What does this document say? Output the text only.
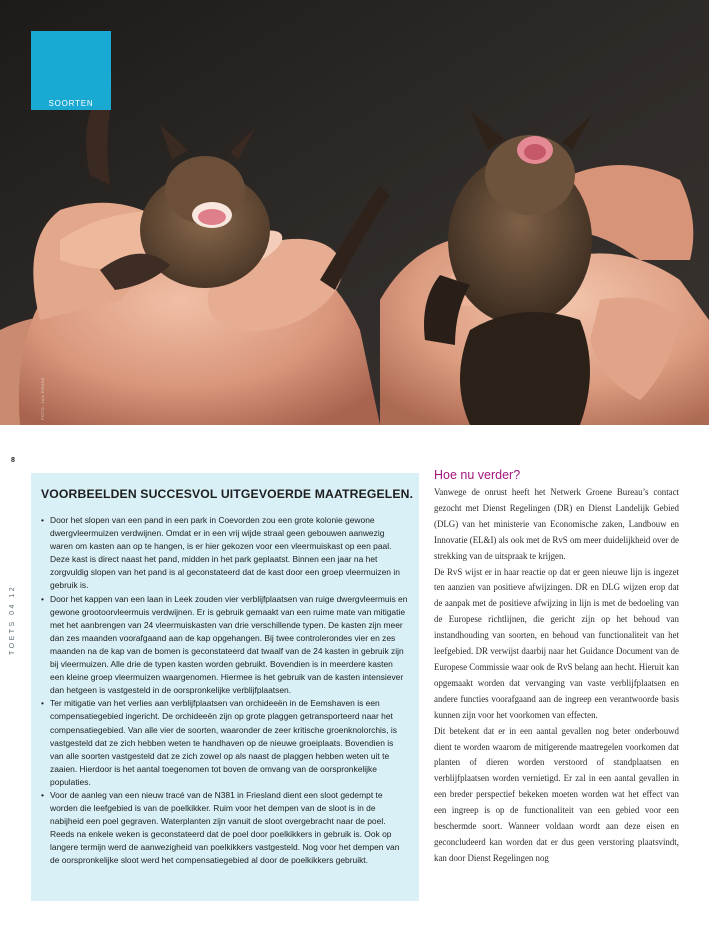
SOORTEN
FOTO: JAN DRAKE
8
TOETS 04 12
VOORBEELDEN SUCCESVOL UITGEVOERDE MAATREGELEN.
• Door het slopen van een pand in een park in Coevorden zou een grote kolonie gewone dwergvleermuizen verdwijnen. Omdat er in een vrij wijde straal geen gebouwen aanwezig waren om kasten aan op te hangen, is er hier gekozen voor een vleermuiskast op een paal. Deze kast is direct naast het pand, midden in het park geplaatst. Binnen een jaar na het zorgvuldig slopen van het pand is al geconstateerd dat de kast door een groep vleermuizen in gebruik is.
• Door het kappen van een laan in Leek zouden vier verblijfplaatsen van ruige dwergvleermuis en gewone grootoorvleermuis verdwijnen. Er is gebruik gemaakt van een ruime mate van mitigatie met het aanbrengen van 24 vleermuiskasten van drie verschillende typen. De kasten zijn meer dan zes maanden voorafgaand aan de kap opgehangen. Bij twee controlerondes vier en zes maanden na de kap van de bomen is geconstateerd dat twaalf van de 24 kasten in gebruik zijn bij vleermuizen. Alle drie de typen kasten worden gebruikt. Bovendien is in meerdere kasten een kleine groep vleermuizen waargenomen. Hiermee is het gebruik van de kasten intensiever dan hetgeen is vastgesteld in de oorspronkelijke verblijfplaatsen.
• Ter mitigatie van het verlies aan verblijfplaatsen van orchideeën in de Eemshaven is een compensatiegebied ingericht. De orchideeën zijn op grote plaggen getransporteerd naar het compensatiegebied. Van alle vier de soorten, waaronder de zeer kritische groenknolorchis, is vastgesteld dat ze zich hebben weten te handhaven op de nieuwe groeiplaats. Bovendien is van alle soorten vastgesteld dat ze zich zowel op als naast de plaggen hebben weten uit te zaaien. Hierdoor is het aantal toegenomen tot boven de omvang van de oorspronkelijke populaties.
• Voor de aanleg van een nieuw tracé van de N381 in Friesland dient een sloot gedempt te worden die leefgebied is van de poelkikker. Ruim voor het dempen van de sloot is in de nabijheid een poel gegraven. Waterplanten zijn vanuit de sloot overgebracht naar de poel. Reeds na enkele weken is geconstateerd dat de poel door poelkikkers in gebruik is. Ook op langere termijn werd de aanwezigheid van poelkikkers vastgesteld. Nog voor het dempen van de oorspronkelijke sloot werd het compensatiegebied al door de poelkikkers gebruikt.
Hoe nu verder?

Vanwege de onrust heeft het Netwerk Groene Bureau’s contact gezocht met Dienst Regelingen (DR) en Dienst Landelijk Gebied (DLG) van het ministerie van Economische zaken, Landbouw en Innovatie (EL&I) als ook met de RvS om meer duidelijkheid over de strekking van de uitspraak te krijgen.

De RvS wijst er in haar reactie op dat er geen nieuwe lijn is ingezet ten aanzien van positieve afwijzingen. DR en DLG wijzen erop dat de aanpak met de positieve afwijzing in lijn is met de bedoeling van de Europese richtlijnen, die gericht zijn op het behoud van instandhouding van soorten, en behoud van functionaliteit van het leefgebied. DR verwijst daarbij naar het Guidance Document van de Europese Commissie waar ook de RvS belang aan hecht. Hieruit kan opgemaakt worden dat vervanging van vaste verblijfplaatsen en andere functies voorafgaand aan de ingreep een verantwoorde basis kunnen zijn voor het voorkomen van effecten.

Dit betekent dat er in een aantal gevallen nog beter onderbouwd dient te worden waarom de mitigerende maatregelen voorkomen dat planten of dieren worden verstoord of standplaatsen en verblijfplaatsen worden vernietigd. Er zal in een aantal gevallen in een breder perspectief bekeken moeten worden wat het effect van een ingreep is op de functionaliteit van een gebied voor een beschermde soort. Wanneer voldaan wordt aan deze eisen en geconcludeerd kan worden dat er dus geen verstoring plaatsvindt, kan door Dienst Regelingen nog
